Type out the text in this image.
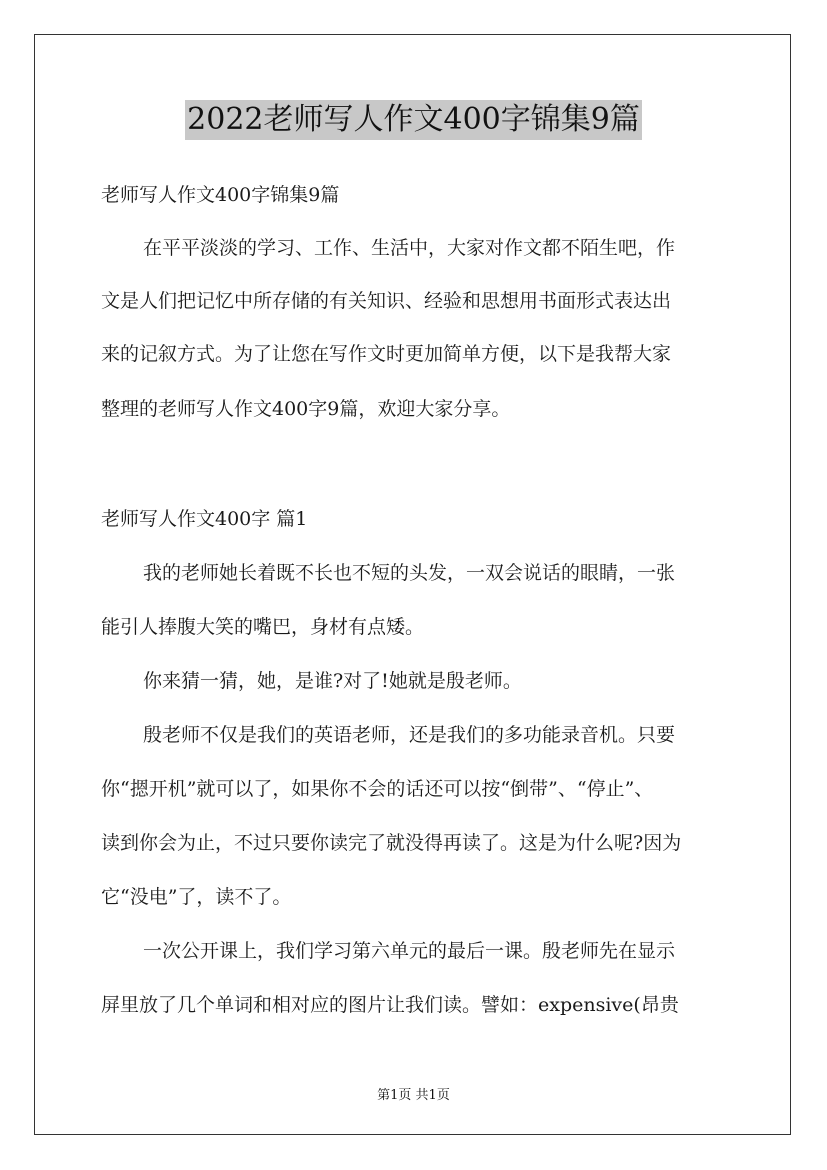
2022老师写人作文400字锦集9篇
老师写人作文400字锦集9篇
在平平淡淡的学习、工作、生活中，大家对作文都不陌生吧，作
文是人们把记忆中所存储的有关知识、经验和思想用书面形式表达出
来的记叙方式。为了让您在写作文时更加简单方便，以下是我帮大家
整理的老师写人作文400字9篇，欢迎大家分享。
老师写人作文400字 篇1
我的老师她长着既不长也不短的头发，一双会说话的眼睛，一张
能引人捧腹大笑的嘴巴，身材有点矮。
你来猜一猜，她，是谁?对了!她就是殷老师。
殷老师不仅是我们的英语老师，还是我们的多功能录音机。只要
你“摁开机”就可以了，如果你不会的话还可以按“倒带”、“停止”、
读到你会为止，不过只要你读完了就没得再读了。这是为什么呢?因为
它“没电”了，读不了。
一次公开课上，我们学习第六单元的最后一课。殷老师先在显示
屏里放了几个单词和相对应的图片让我们读。譬如：expensive(昂贵
第1页 共1页
